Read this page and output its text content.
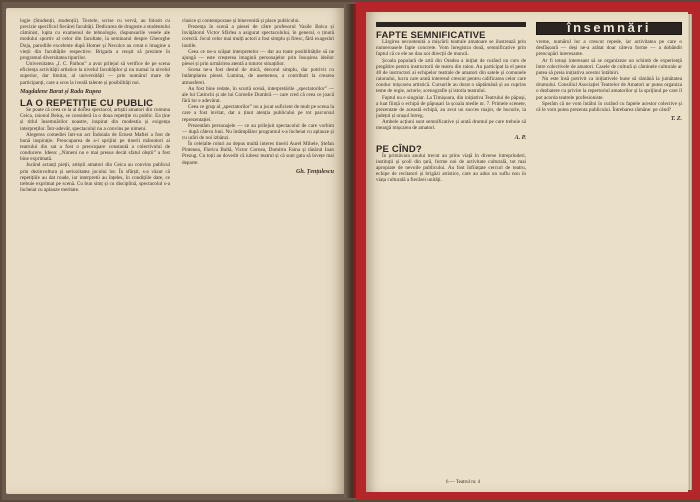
logie (Studenții, studenții). Textele, scrise cu vervă, au folosit cu precizie specificul fiecărei facultăți. Dedicarea de drugoste a studentului căminist, lupta cu examenul de tehnologie, răspunsurile vesele ale modului sportiv al celor din facultate, la seminarul despre Gheorghe Doja, parodiile excelente după Homer și Neculce au creat o imagine a vieții din facultățile respective. Brigada a reușit să prezinte în programul diversitatea tipurilor.

Universitatea „I. C. Parhon” a avut prilejul să verifice de pe scena eficiența activității artistice la nivelul facultăților și nu numai la nivelul superior, dar limitat, al universității — prin numărul mare de participanți, care a scos la iveală talente și posibilități noi.

Magdalene Barat și Radu Rupea

LA O REPETIȚIE CU PUBLIC

Se poate că ceea ce la al doilea spectacol, artiștii amatori din comuna Ceica, raionul Beiuș, se consideră la o doua repetiție cu public. Ea ține și titlul însemnărilor noastre, inspirat din modestia și exigența interpreților. Într-adevăr, spectacolul nu a convins pe nimeni.

Alegerea comediei într-un act Îndoiala de Ernest Maftei a fost de bună inspirație. Preocuparea de a-i sprijini pe tinerii mânuitori ai teatrului din sat a fost o preocupare constantă a colectivului de conducere. Ideea: „Nimeni nu e mai presus decât sfatul obștii” a fost bine exprimată.

Jucând actanți pieții, artiștii amatori din Ceica au convins publicul prin dezinvoltura și seriozitatea jocului lor. În sfârșit, s-a văzut că repetițiile au dat roade, iar interpretii au înțeles, în condițiile date, ce trebuie exprimat pe scenă. Cu bun simț și cu disciplină, spectacolul s-a încheiat cu aplauze meritate.

clasice și contemporane și binevenită și place publicului.

Prezența în scenă a piesei de către profesorul Vasile Bolca și învățătorul Victor Sfârlea a asigurat spectacolului, în general, o ținută corectă. Jocul celor mai mulți actori a fost simplu și firesc, fără exagerări inutile.

Ceea ce ne-a scăpat interpretelor — dar au toate posibilitățile să ne ajungă — este creșterea imaginii personajelor prin însușirea ideilor piesei și prin urmărirea atentă a tuturor situațiilor.

Scena ne-a fost destul de mică, decorul simplu, dar potrivit cu întâmplarea piesei. Lumina, de asemenea, a contribuit la crearea atmosferei.

Au fost bine redate, în scurtă scenă, interpretările „spectatorilor” — ale lui Catinchi și ale lui Cornelie Dumbră — care cred că ceea ce joacă fără lor e adevărat.

Ceea ce grup al „spectatorilor” nu a jucat suficient de mult pe scena la care a fost invitat, dar a ținut atenția publicului pe tot parcursul reprezentației.

Prezentăm personajele — ce au prilejuit spectacolul de care vorbim — după câteva luni. Nu întâmplător programul s-a încheiat cu aplauze și cu urări de noi izbânzi.

În celelalte roluri au depus multă interes tinerii Aurel Mihele, Ștefan Pintenea, Florica Baltă, Victor Cornea, Dumitru Faina și tânărul Ioan Prezug. Cu toții au dovedit că iubesc teatrul și că sunt gata să învețe mai departe.

Gh. Țențulescu

FAPTE SEMNIFICATIVE

Lărgirea necontenită a mișcării teatrale amatoare se ilustrează prin numeroasele fapte concrete. Vom înregistra două, semnificative prin faptul că ce ele ne dau noi direcții de muncă.

Școala populară de artă din Oradea a inițiat de curând un curs de pregătire pentru instructorii de teatru din raion. Au participat la el peste 40 de instructori ai echipelor teatrale de amatori din satele și comunele raionului, lucru care arată interesul crescut pentru calificarea celor care conduc mișcarea artistică. Cursurile au durat o săptămână și au cuprins teme de regie, actorie, scenografie și istoria teatrului.

Faptul nu e singular. La Timișoara, din inițiativa Teatrului de păpuși, a luat ființă o echipă de păpușari la școala medie nr. 7. Primele scenete, prezentate de această echipă, au avut un succes major, de bucurie, la județul și orașul întreg.

Ambele acțiuni sunt semnificative și arată drumul pe care trebuie să meargă mișcarea de amatori.

A. P.

PE CÎND?

În primăvara anului trecut au prins viață în diverse întreprinderi, instituții și școli din țară, forme noi de activitate culturală, tot mai apropiate de nevoile publicului. Au fost înființate cercuri de teatru, echipe de recitatori și brigăzi artistice, care au adus un suflu nou în viața culturală a fiecărei unități.

însemnări

vreme, numărul lor a crescut repede, iar activitatea pe care o desfășoară — deși ne-a arătat doar câteva forme — a dobândit preocupări interesante.

Ar fi totuși interesant să se organizeze un schimb de experiență între colectivele de amatori. Casele de cultură și căminele culturale ar putea să preia inițiativa acestor întâlniri.

Nu este însă potrivit ca inițiativele bune să rămână la jumătatea drumului. Consiliul Asociației Teatrelor de Amatori ar putea organiza o dezbatere cu privire la repertoriul amatorilor și la sprijinul pe care îl pot acorda teatrele profesioniste.

Sperăm că ne vom întâlni în curând cu faptele acestor colective și că le vom putea prezenta publicului. Întrebarea rămâne: pe când?

T. Z.

6 — Teatrul nr. 4
